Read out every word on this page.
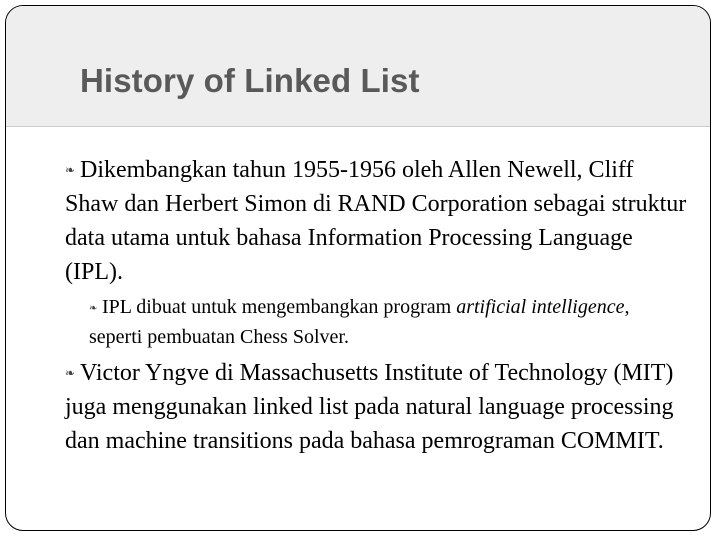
History of Linked List
❧ Dikembangkan tahun 1955-1956 oleh Allen Newell, Cliff Shaw dan Herbert Simon di RAND Corporation sebagai struktur data utama untuk bahasa Information Processing Language (IPL).
❧ IPL dibuat untuk mengembangkan program artificial intelligence, seperti pembuatan Chess Solver.
❧ Victor Yngve di Massachusetts Institute of Technology (MIT) juga menggunakan linked list pada natural language processing dan machine transitions pada bahasa pemrograman COMMIT.
